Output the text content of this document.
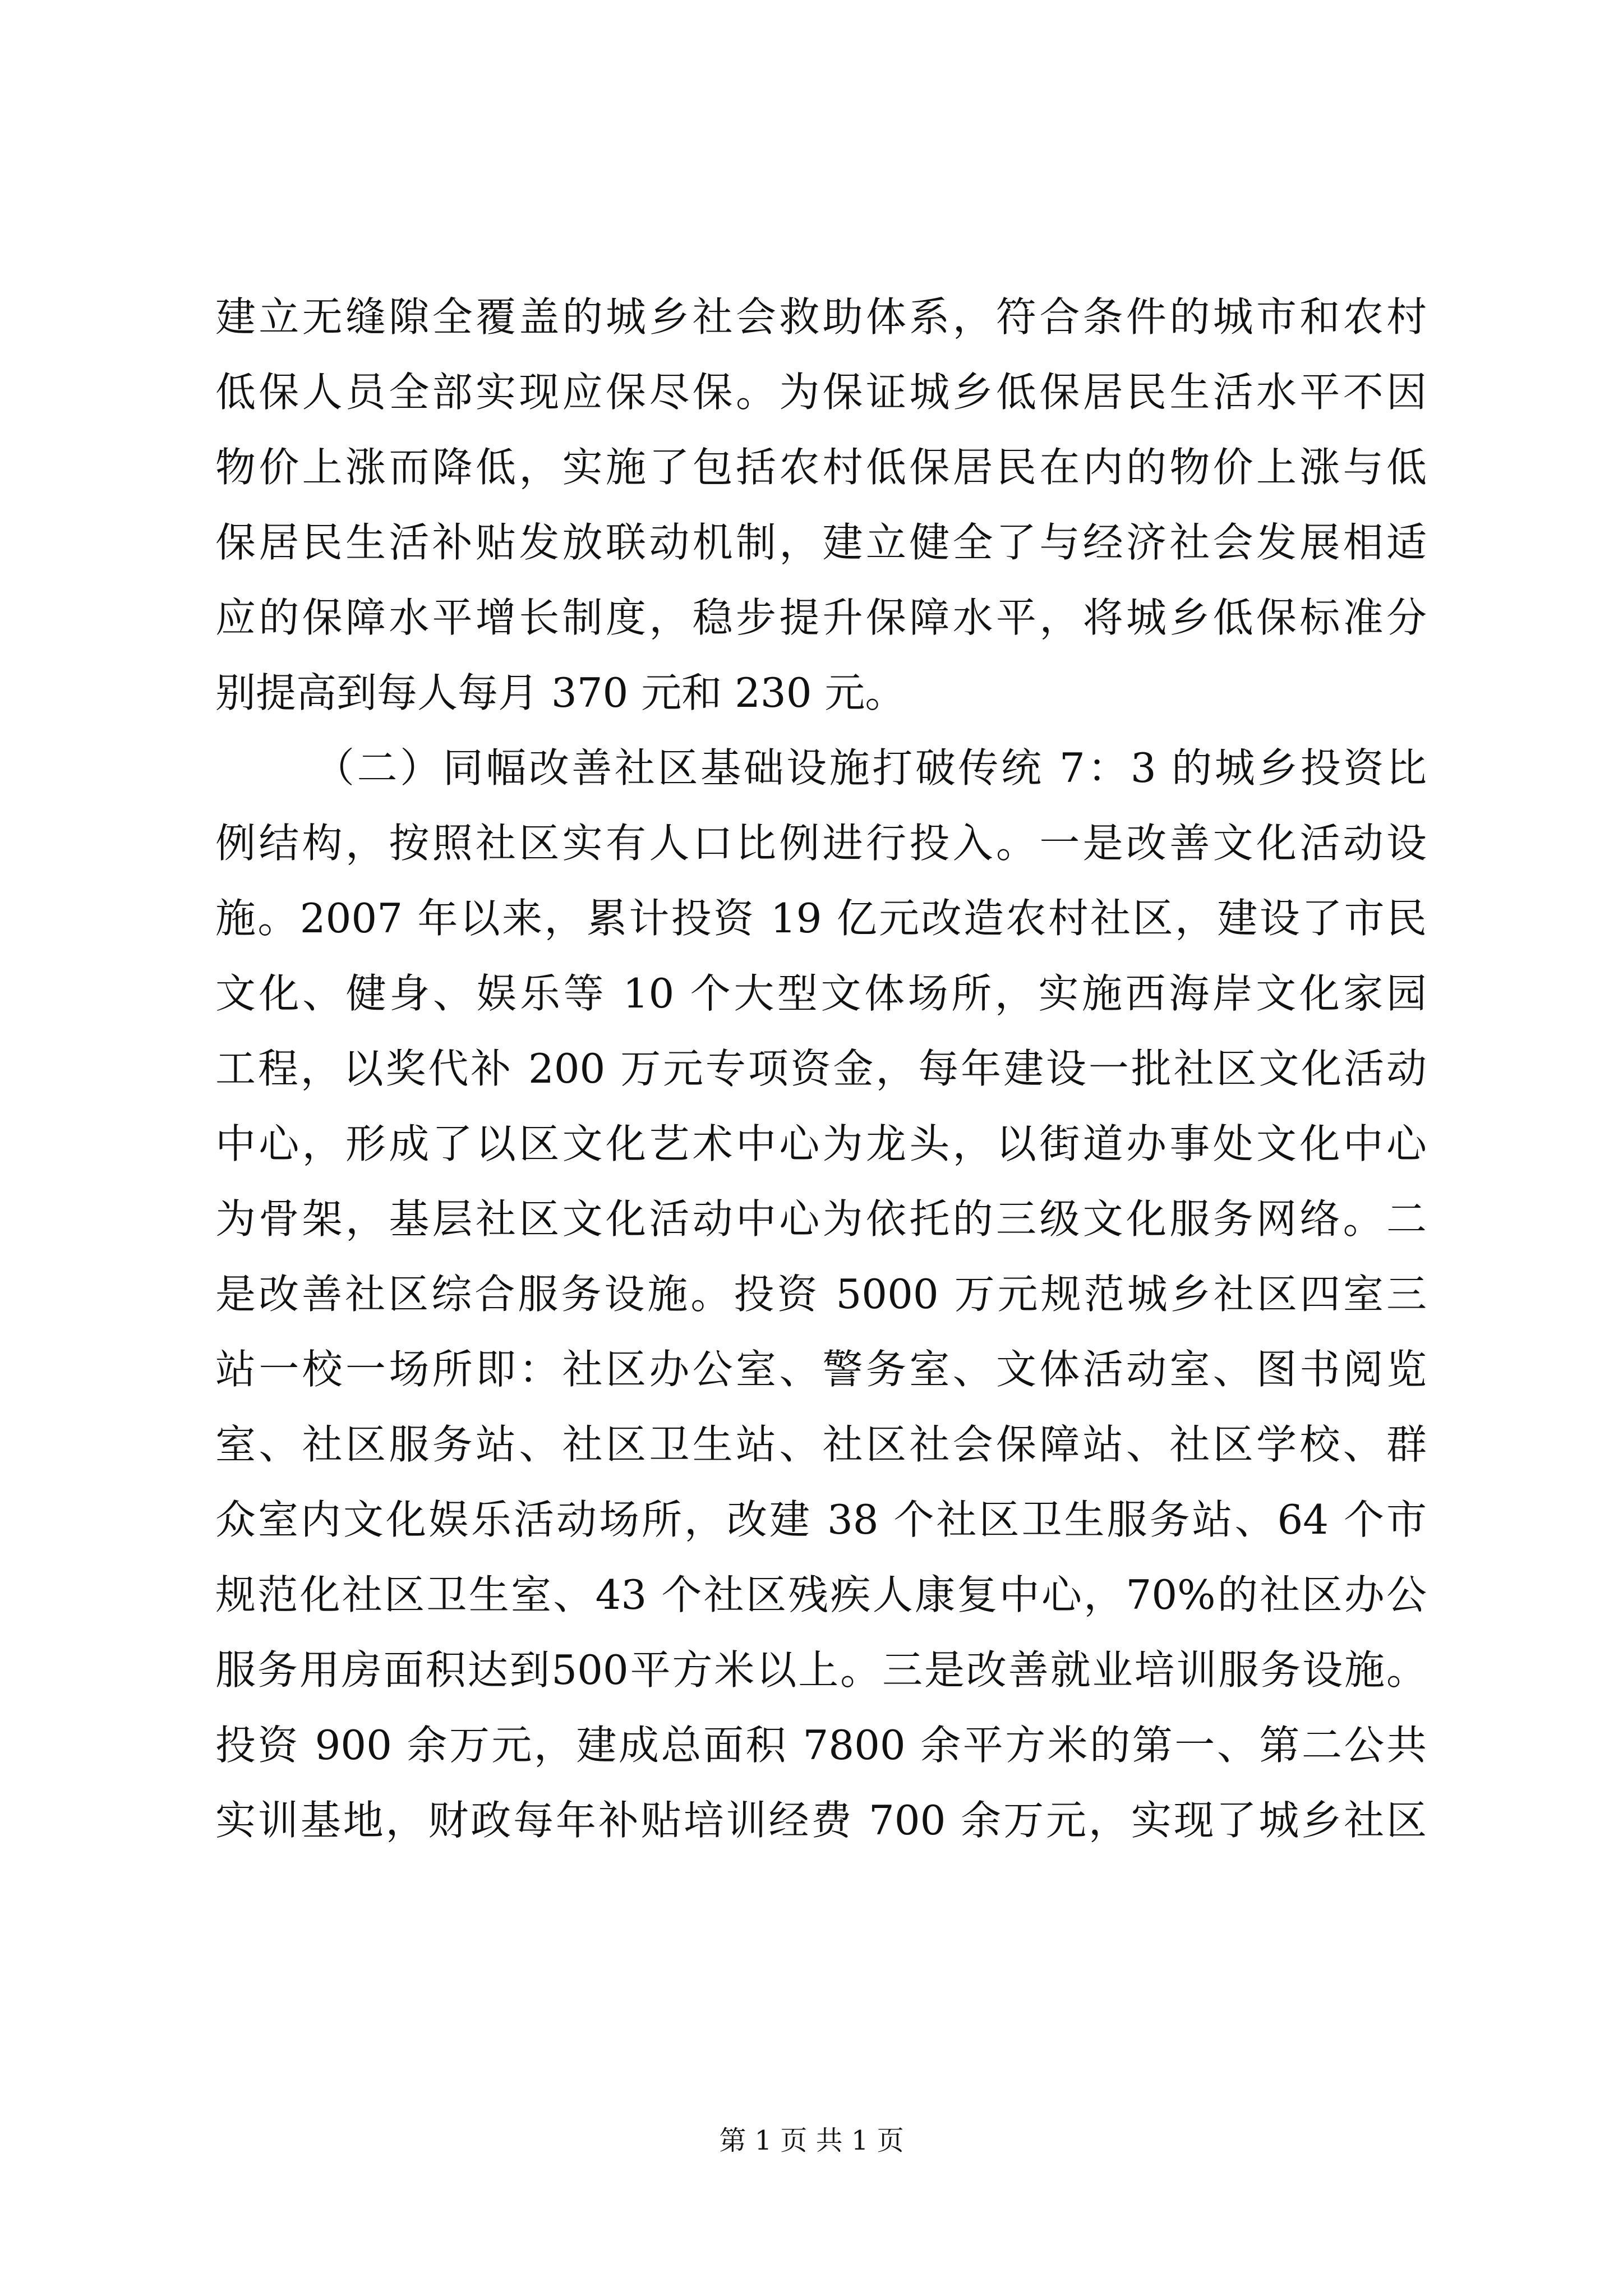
建立无缝隙全覆盖的城乡社会救助体系，符合条件的城市和农村
低保人员全部实现应保尽保。为保证城乡低保居民生活水平不因
物价上涨而降低，实施了包括农村低保居民在内的物价上涨与低
保居民生活补贴发放联动机制，建立健全了与经济社会发展相适
应的保障水平增长制度，稳步提升保障水平，将城乡低保标准分
别提高到每人每月 370 元和 230 元。
（二）同幅改善社区基础设施打破传统 7：3 的城乡投资比
例结构，按照社区实有人口比例进行投入。一是改善文化活动设
施。2007 年以来，累计投资 19 亿元改造农村社区，建设了市民
文化、健身、娱乐等 10 个大型文体场所，实施西海岸文化家园
工程，以奖代补 200 万元专项资金，每年建设一批社区文化活动
中心，形成了以区文化艺术中心为龙头，以街道办事处文化中心
为骨架，基层社区文化活动中心为依托的三级文化服务网络。二
是改善社区综合服务设施。投资 5000 万元规范城乡社区四室三
站一校一场所即：社区办公室、警务室、文体活动室、图书阅览
室、社区服务站、社区卫生站、社区社会保障站、社区学校、群
众室内文化娱乐活动场所，改建 38 个社区卫生服务站、64 个市
规范化社区卫生室、43 个社区残疾人康复中心，70%的社区办公
服务用房面积达到500平方米以上。三是改善就业培训服务设施。
投资 900 余万元，建成总面积 7800 余平方米的第一、第二公共
实训基地，财政每年补贴培训经费 700 余万元，实现了城乡社区
第 1 页 共 1 页
